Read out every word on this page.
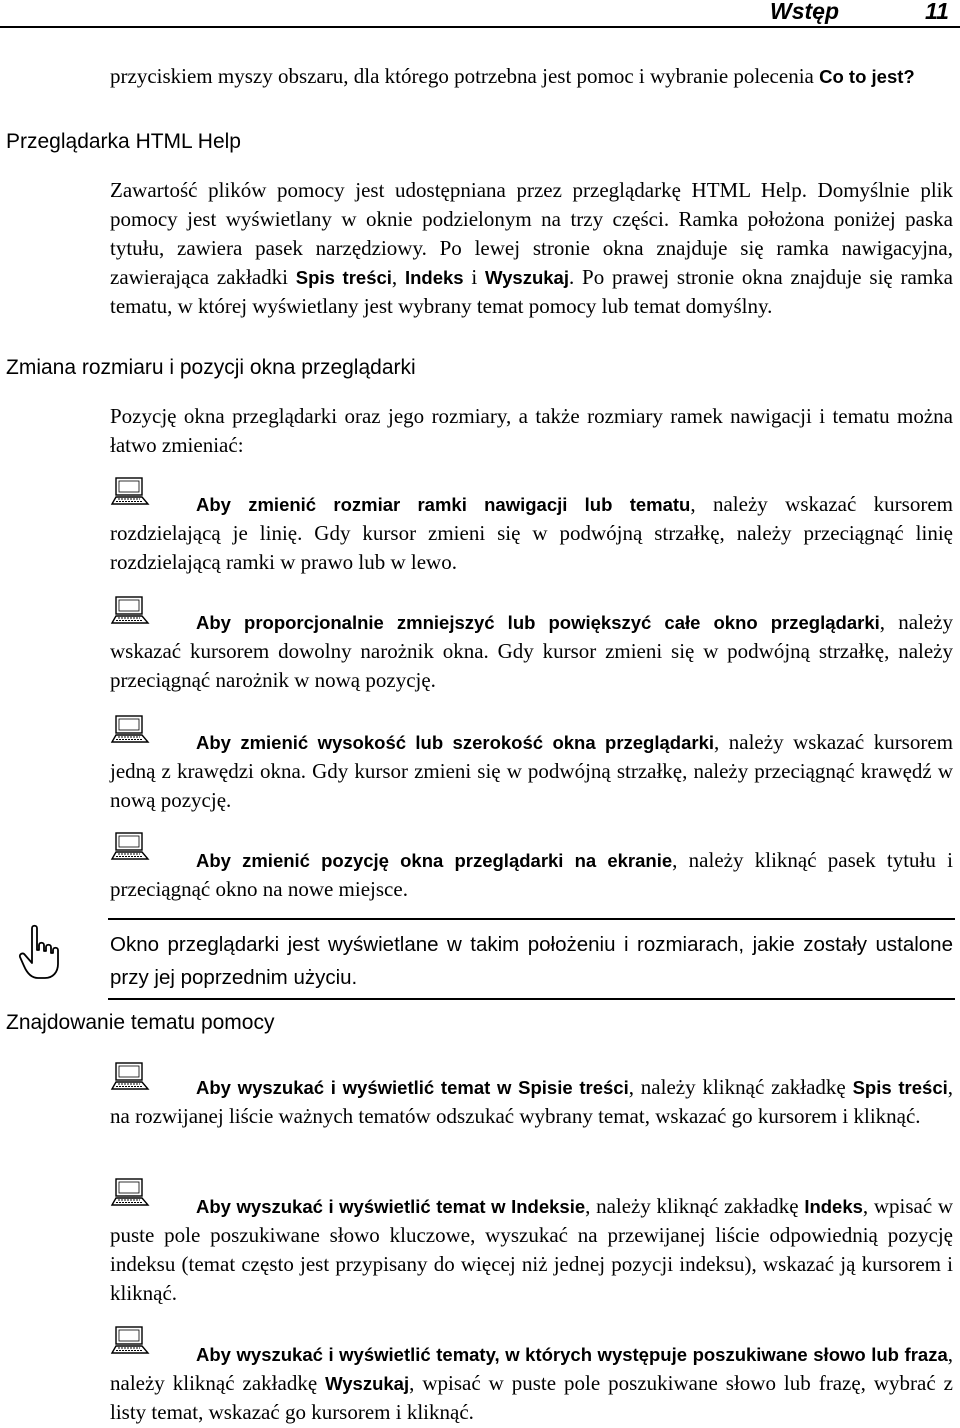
Wstęp	11

przyciskiem myszy obszaru, dla którego potrzebna jest pomoc i wybranie polecenia Co to jest?

Przeglądarka HTML Help

Zawartość plików pomocy jest udostępniana przez przeglądarkę HTML Help. Domyślnie plik pomocy jest wyświetlany w oknie podzielonym na trzy części. Ramka położona poniżej paska tytułu, zawiera pasek narzędziowy. Po lewej stronie okna znajduje się ramka nawigacyjna, zawierająca zakładki Spis treści, Indeks i Wyszukaj. Po prawej stronie okna znajduje się ramka tematu, w której wyświetlany jest wybrany temat pomocy lub temat domyślny.

Zmiana rozmiaru i pozycji okna przeglądarki

Pozycję okna przeglądarki oraz jego rozmiary, a także rozmiary ramek nawigacji i tematu można łatwo zmieniać:

Aby zmienić rozmiar ramki nawigacji lub tematu, należy wskazać kursorem rozdzielającą je linię. Gdy kursor zmieni się w podwójną strzałkę, należy przeciągnąć linię rozdzielającą ramki w prawo lub w lewo.

Aby proporcjonalnie zmniejszyć lub powiększyć całe okno przeglądarki, należy wskazać kursorem dowolny narożnik okna. Gdy kursor zmieni się w podwójną strzałkę, należy przeciągnąć narożnik w nową pozycję.

Aby zmienić wysokość lub szerokość okna przeglądarki, należy wskazać kursorem jedną z krawędzi okna. Gdy kursor zmieni się w podwójną strzałkę, należy przeciągnąć krawędź w nową pozycję.

Aby zmienić pozycję okna przeglądarki na ekranie, należy kliknąć pasek tytułu i przeciągnąć okno na nowe miejsce.

Okno przeglądarki jest wyświetlane w takim położeniu i rozmiarach, jakie zostały ustalone przy jej poprzednim użyciu.

Znajdowanie tematu pomocy

Aby wyszukać i wyświetlić temat w Spisie treści, należy kliknąć zakładkę Spis treści, na rozwijanej liście ważnych tematów odszukać wybrany temat, wskazać go kursorem i kliknąć.

Aby wyszukać i wyświetlić temat w Indeksie, należy kliknąć zakładkę Indeks, wpisać w puste pole poszukiwane słowo kluczowe, wyszukać na przewijanej liście odpowiednią pozycję indeksu (temat często jest przypisany do więcej niż jednej pozycji indeksu), wskazać ją kursorem i kliknąć.

Aby wyszukać i wyświetlić tematy, w których występuje poszukiwane słowo lub fraza, należy kliknąć zakładkę Wyszukaj, wpisać w puste pole poszukiwane słowo lub frazę, wybrać z listy temat, wskazać go kursorem i kliknąć.
